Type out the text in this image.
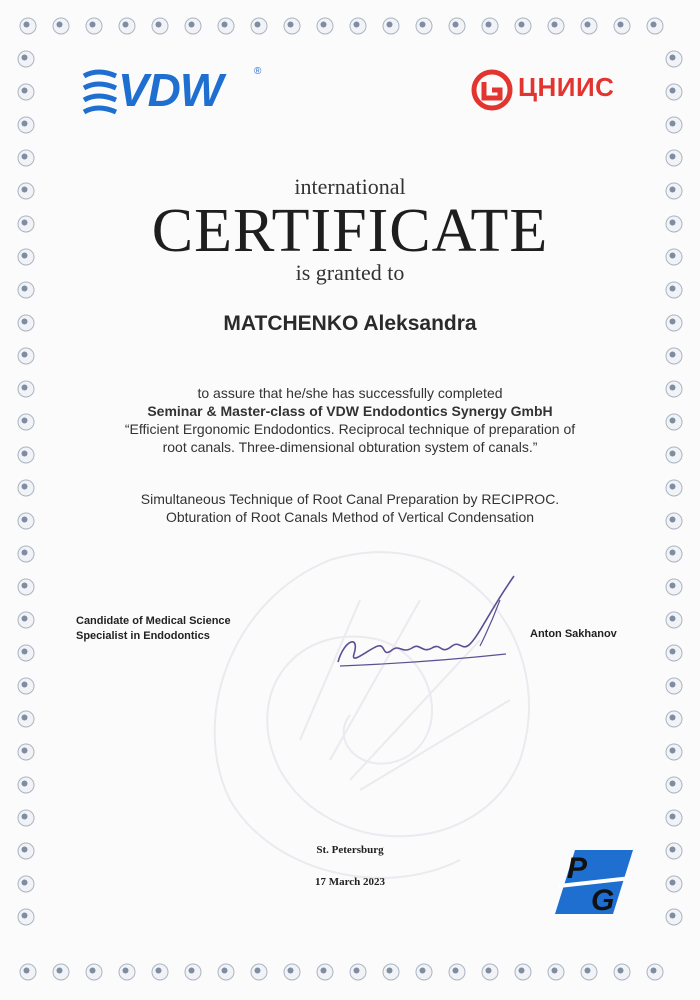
VDW	®
ЦНИИС
international
CERTIFICATE
is granted to
MATCHENKO Aleksandra
to assure that he/she has successfully completed
Seminar & Master-class of VDW Endodontics Synergy GmbH
“Efficient Ergonomic Endodontics. Reciprocal technique of preparation of
root canals. Three-dimensional obturation system of canals.”
Simultaneous Technique of Root Canal Preparation by RECIPROC.
Obturation of Root Canals Method of Vertical Condensation
Candidate of Medical Science
Specialist in Endodontics	Anton Sakhanov
St. Petersburg
17 March 2023	P
G
